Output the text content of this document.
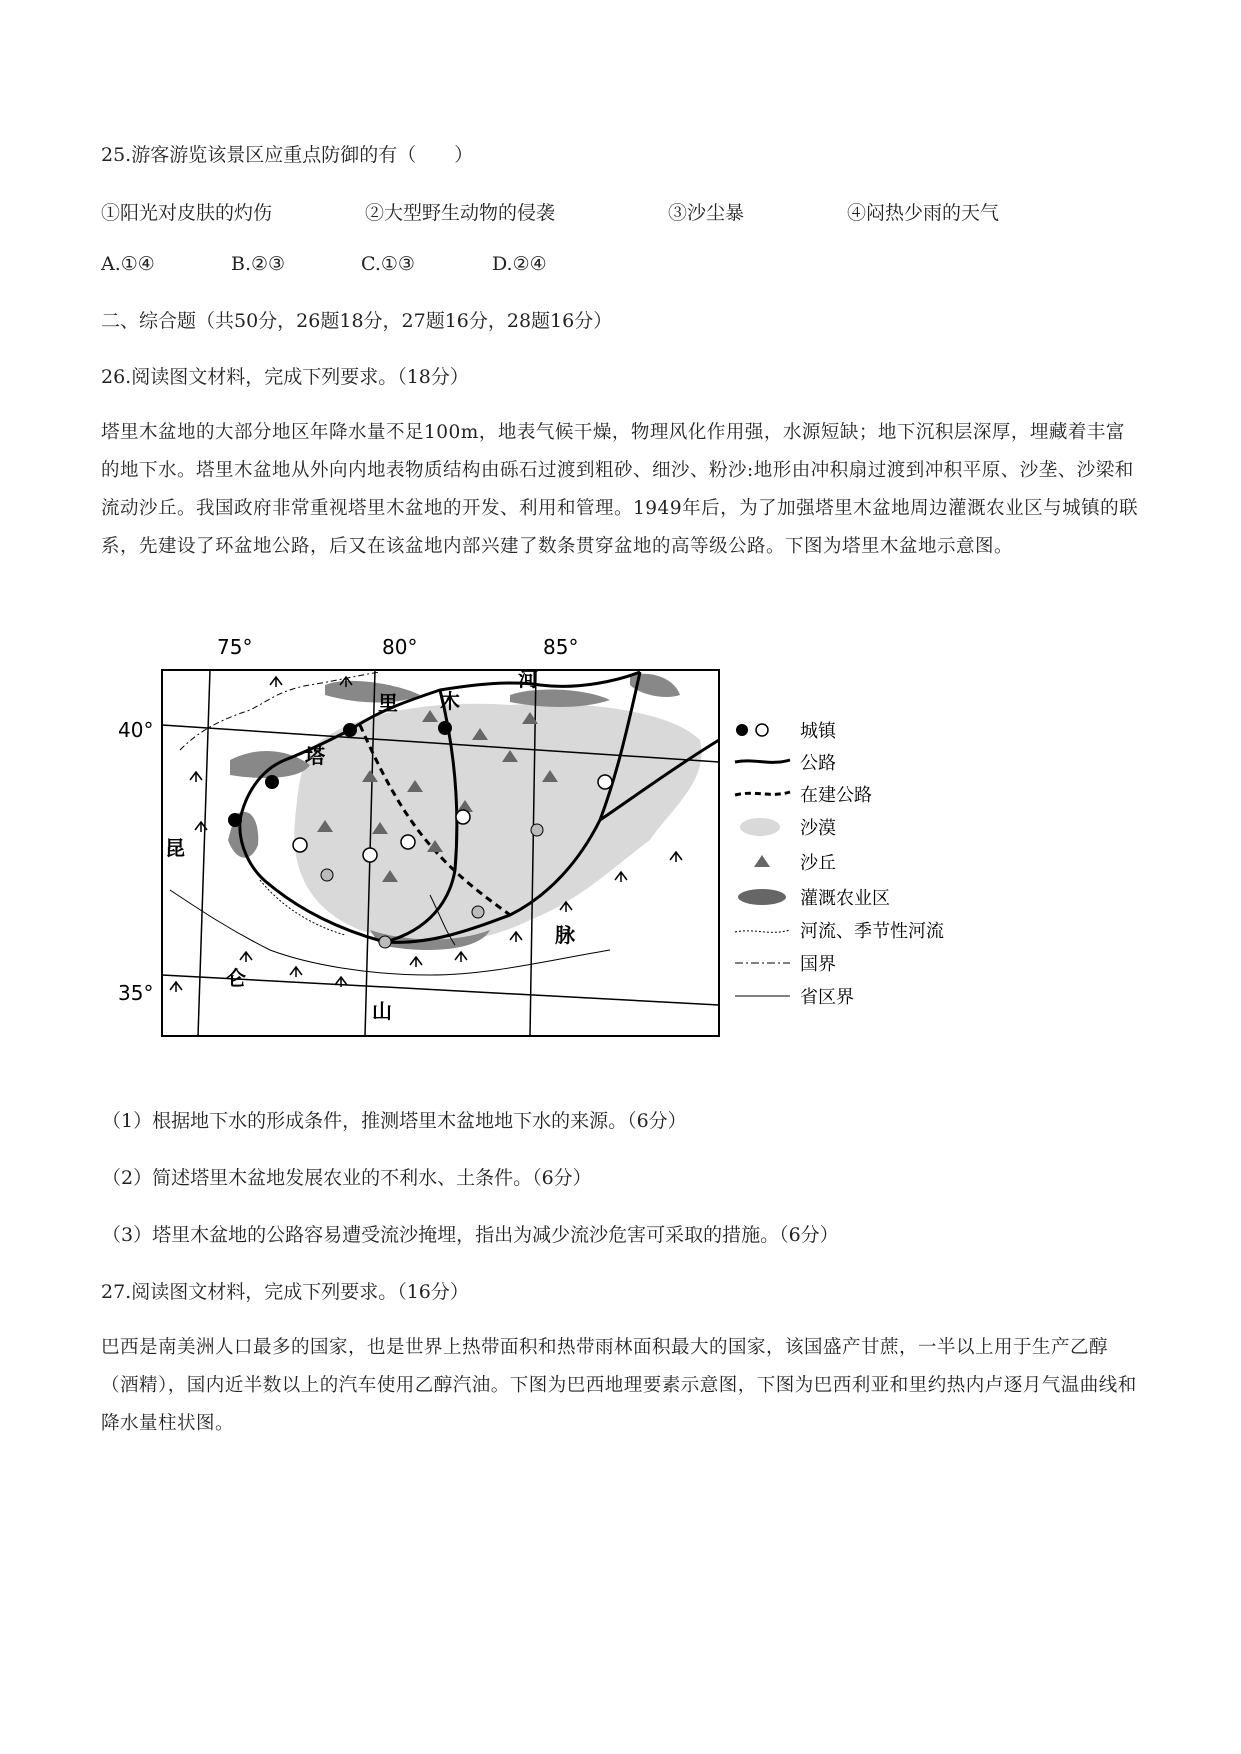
25.游客游览该景区应重点防御的有（　　）
①阳光对皮肤的灼伤	②大型野生动物的侵袭	③沙尘暴	④闷热少雨的天气
A.①④	B.②③	C.①③	D.②④
二、综合题（共50分，26题18分，27题16分，28题16分）
26.阅读图文材料，完成下列要求。（18分）
塔里木盆地的大部分地区年降水量不足100m，地表气候干燥，物理风化作用强，水源短缺；地下沉积层深厚，埋藏着丰富的地下水。塔里木盆地从外向内地表物质结构由砾石过渡到粗砂、细沙、粉沙:地形由冲积扇过渡到冲积平原、沙垄、沙梁和流动沙丘。我国政府非常重视塔里木盆地的开发、利用和管理。1949年后，为了加强塔里木盆地周边灌溉农业区与城镇的联系，先建设了环盆地公路，后又在该盆地内部兴建了数条贯穿盆地的高等级公路。下图为塔里木盆地示意图。
75°	80°	85°
40°
35°
塔
里 木
河
昆
仑
山
脉
城镇
公路
在建公路
沙漠
沙丘
灌溉农业区
河流、季节性河流
国界
省区界
（1）根据地下水的形成条件，推测塔里木盆地地下水的来源。（6分）
（2）简述塔里木盆地发展农业的不利水、土条件。（6分）
（3）塔里木盆地的公路容易遭受流沙掩埋，指出为减少流沙危害可采取的措施。（6分）
27.阅读图文材料，完成下列要求。（16分）
巴西是南美洲人口最多的国家，也是世界上热带面积和热带雨林面积最大的国家，该国盛产甘蔗，一半以上用于生产乙醇（酒精），国内近半数以上的汽车使用乙醇汽油。下图为巴西地理要素示意图，下图为巴西利亚和里约热内卢逐月气温曲线和降水量柱状图。
